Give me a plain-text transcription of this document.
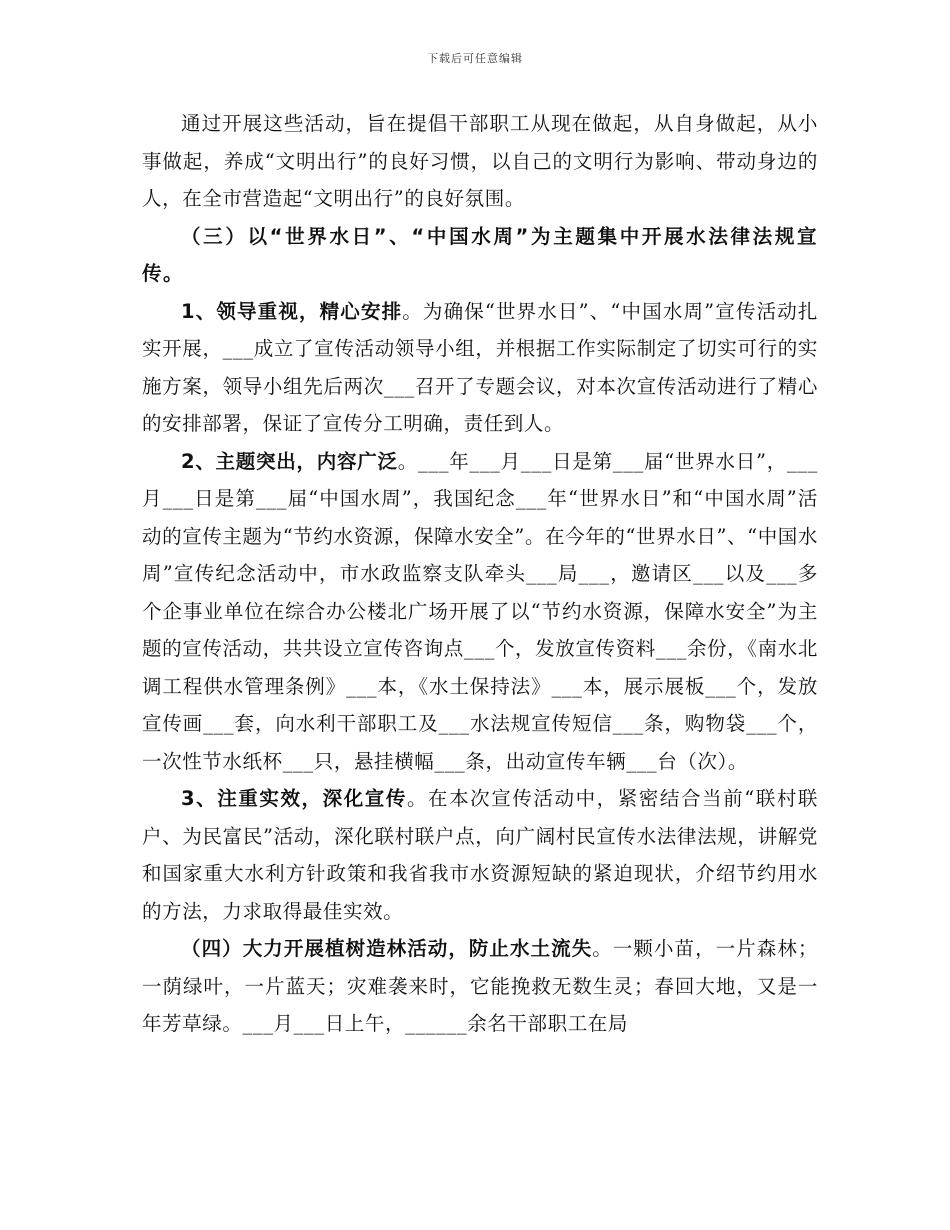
下载后可任意编辑

通过开展这些活动，旨在提倡干部职工从现在做起，从自身做起，从小事做起，养成“文明出行”的良好习惯，以自己的文明行为影响、带动身边的人，在全市营造起“文明出行”的良好氛围。

（三）以“世界水日”、“中国水周”为主题集中开展水法律法规宣传。

1、领导重视，精心安排。为确保“世界水日”、“中国水周”宣传活动扎实开展，___成立了宣传活动领导小组，并根据工作实际制定了切实可行的实施方案，领导小组先后两次___召开了专题会议，对本次宣传活动进行了精心的安排部署，保证了宣传分工明确，责任到人。

2、主题突出，内容广泛。___年___月___日是第___届“世界水日”，___月___日是第___届“中国水周”，我国纪念___年“世界水日”和“中国水周”活动的宣传主题为“节约水资源，保障水安全”。在今年的“世界水日”、“中国水周”宣传纪念活动中，市水政监察支队牵头___局___，邀请区___以及___多个企事业单位在综合办公楼北广场开展了以“节约水资源，保障水安全”为主题的宣传活动，共共设立宣传咨询点___个，发放宣传资料___余份，《南水北调工程供水管理条例》___本，《水土保持法》___本，展示展板___个，发放宣传画___套，向水利干部职工及___水法规宣传短信___条，购物袋___个，一次性节水纸杯___只，悬挂横幅___条，出动宣传车辆___台（次）。

3、注重实效，深化宣传。在本次宣传活动中，紧密结合当前“联村联户、为民富民”活动，深化联村联户点，向广阔村民宣传水法律法规，讲解党和国家重大水利方针政策和我省我市水资源短缺的紧迫现状，介绍节约用水的方法，力求取得最佳实效。

（四）大力开展植树造林活动，防止水土流失。一颗小苗，一片森林；一荫绿叶，一片蓝天；灾难袭来时，它能挽救无数生灵；春回大地，又是一年芳草绿。___月___日上午，______余名干部职工在局
